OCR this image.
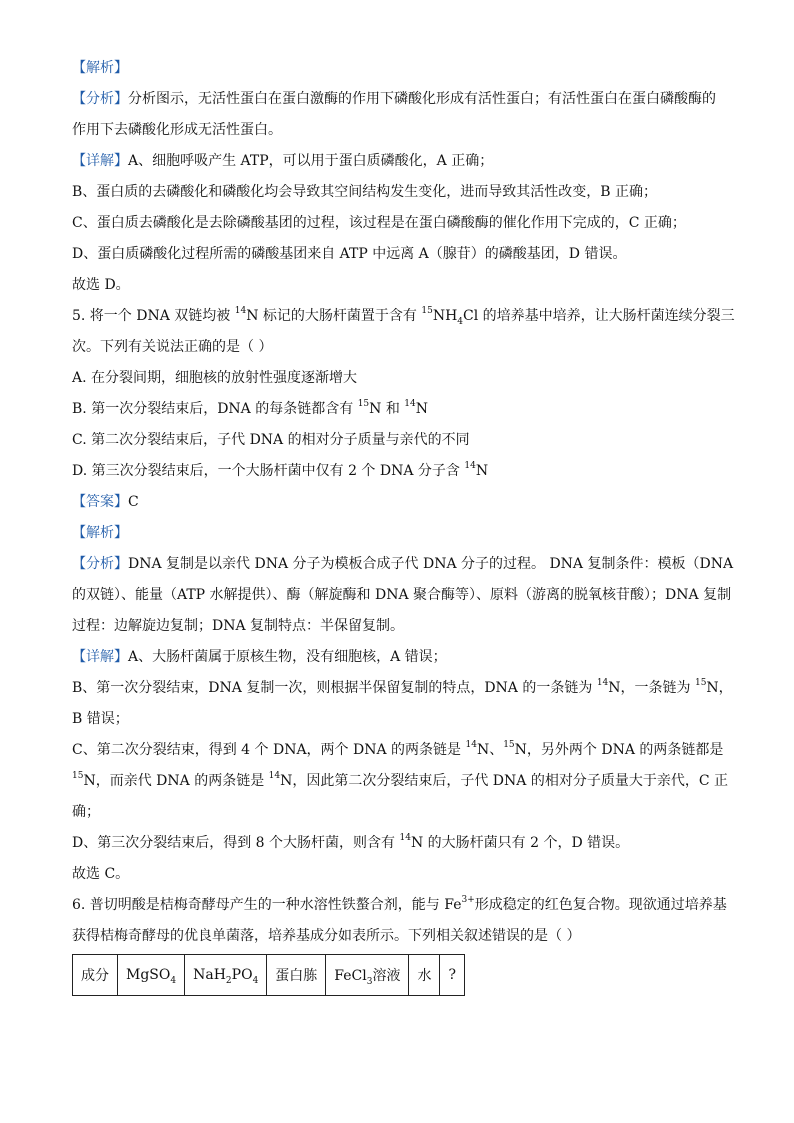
【解析】
【分析】分析图示，无活性蛋白在蛋白激酶的作用下磷酸化形成有活性蛋白；有活性蛋白在蛋白磷酸酶的
作用下去磷酸化形成无活性蛋白。
【详解】A、细胞呼吸产生 ATP，可以用于蛋白质磷酸化，A 正确；
B、蛋白质的去磷酸化和磷酸化均会导致其空间结构发生变化，进而导致其活性改变，B 正确；
C、蛋白质去磷酸化是去除磷酸基团的过程，该过程是在蛋白磷酸酶的催化作用下完成的，C 正确；
D、蛋白质磷酸化过程所需的磷酸基团来自 ATP 中远离 A（腺苷）的磷酸基团，D 错误。
故选 D。
5. 将一个 DNA 双链均被 $^{14}$N 标记的大肠杆菌置于含有 $^{15}NH_4Cl$ 的培养基中培养，让大肠杆菌连续分裂三
次。下列有关说法正确的是（ ）
A. 在分裂间期，细胞核的放射性强度逐渐增大
B. 第一次分裂结束后，DNA 的每条链都含有 $^{15}$N 和 $^{14}$N
C. 第二次分裂结束后，子代 DNA 的相对分子质量与亲代的不同
D. 第三次分裂结束后，一个大肠杆菌中仅有 2 个 DNA 分子含 $^{14}$N
【答案】C
【解析】
【分析】DNA 复制是以亲代 DNA 分子为模板合成子代 DNA 分子的过程。 DNA 复制条件：模板（DNA
的双链）、能量（ATP 水解提供）、酶（解旋酶和 DNA 聚合酶等）、原料（游离的脱氧核苷酸）；DNA 复制
过程：边解旋边复制；DNA 复制特点：半保留复制。
【详解】A、大肠杆菌属于原核生物，没有细胞核，A 错误；
B、第一次分裂结束，DNA 复制一次，则根据半保留复制的特点，DNA 的一条链为 $^{14}$N，一条链为 $^{15}$N，
B 错误；
C、第二次分裂结束，得到 4 个 DNA，两个 DNA 的两条链是 $^{14}$N、$^{15}$N，另外两个 DNA 的两条链都是
$^{15}$N，而亲代 DNA 的两条链是 $^{14}$N，因此第二次分裂结束后，子代 DNA 的相对分子质量大于亲代，C 正
确；
D、第三次分裂结束后，得到 8 个大肠杆菌，则含有 $^{14}$N 的大肠杆菌只有 2 个，D 错误。
故选 C。
6. 普切明酸是桔梅奇酵母产生的一种水溶性铁螯合剂，能与 $Fe^{3+}$形成稳定的红色复合物。现欲通过培养基
获得桔梅奇酵母的优良单菌落，培养基成分如表所示。下列相关叙述错误的是（ ）
成分	MgSO$_4$	$NaH_2PO_4$	蛋白胨	FeCl$_3$溶液	水	?
